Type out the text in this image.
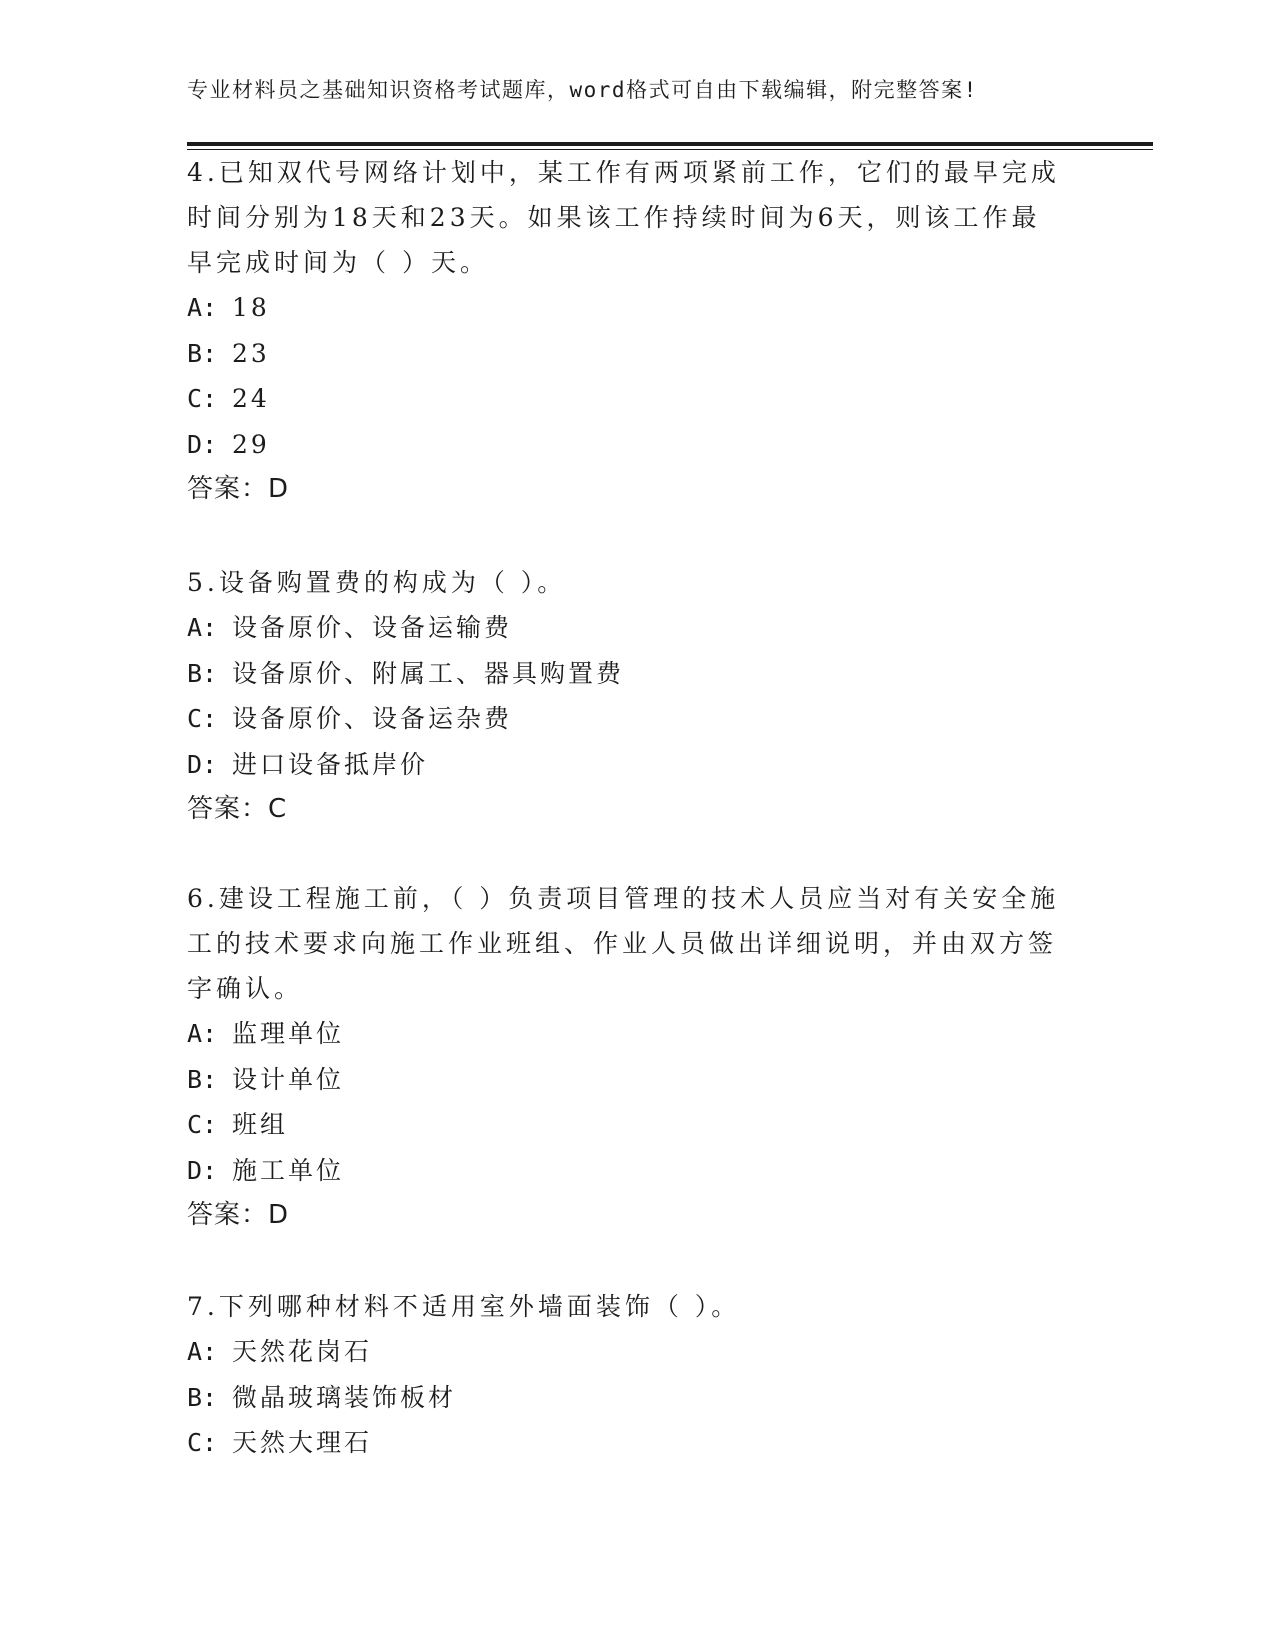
专业材料员之基础知识资格考试题库，word格式可自由下载编辑，附完整答案!
4.已知双代号网络计划中，某工作有两项紧前工作，它们的最早完成
时间分别为18天和23天。如果该工作持续时间为6天，则该工作最
早完成时间为（ ）天。
A: 18
B: 23
C: 24
D: 29
答案：D
5.设备购置费的构成为（ ）。
A: 设备原价、设备运输费
B: 设备原价、附属工、器具购置费
C: 设备原价、设备运杂费
D: 进口设备抵岸价
答案：C
6.建设工程施工前，（ ）负责项目管理的技术人员应当对有关安全施
工的技术要求向施工作业班组、作业人员做出详细说明，并由双方签
字确认。
A: 监理单位
B: 设计单位
C: 班组
D: 施工单位
答案：D
7.下列哪种材料不适用室外墙面装饰（ ）。
A: 天然花岗石
B: 微晶玻璃装饰板材
C: 天然大理石
